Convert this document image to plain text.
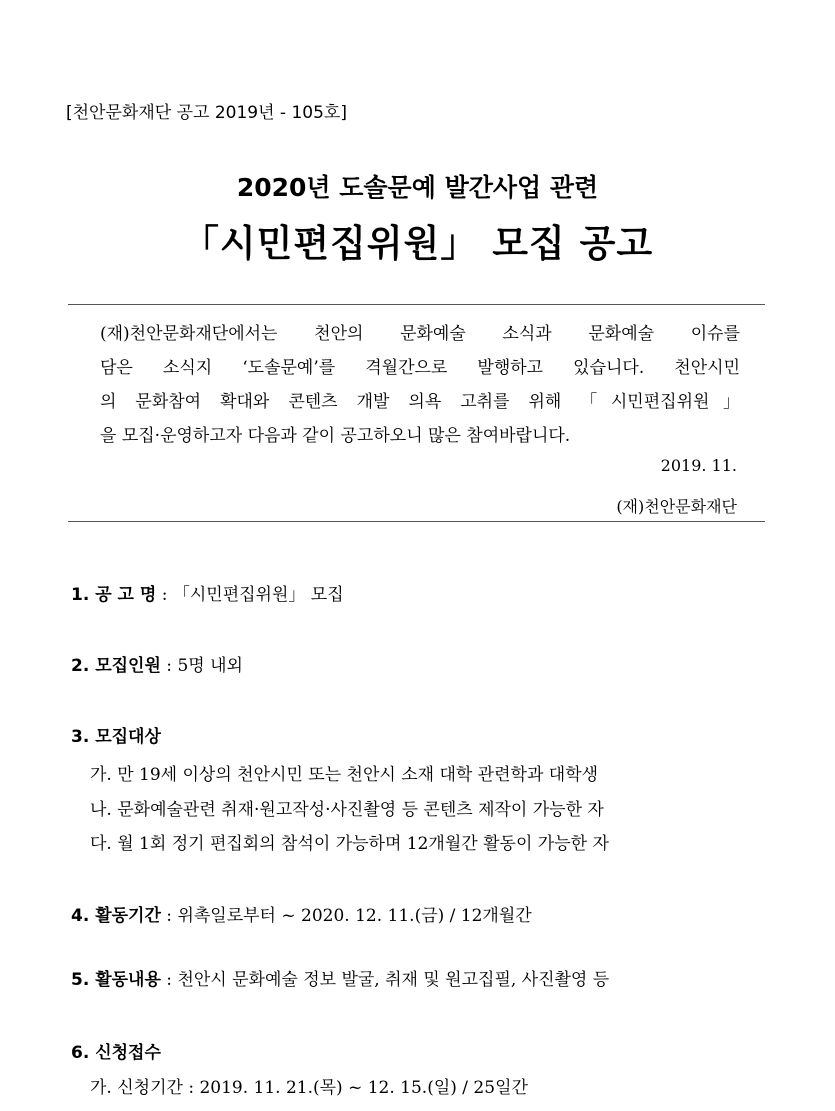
[천안문화재단 공고 2019년 - 105호]
2020년 도솔문예 발간사업 관련
「시민편집위원」 모집 공고

(재)천안문화재단에서는 천안의 문화예술 소식과 문화예술 이슈를

담은 소식지 ‘도솔문예’를 격월간으로 발행하고 있습니다. 천안시민

의 문화참여 확대와 콘텐츠 개발 의욕 고취를 위해 「시민편집위원」

을 모집·운영하고자 다음과 같이 공고하오니 많은 참여바랍니다.

2019. 11.
(재)천안문화재단
1. 공 고 명 : 「시민편집위원」 모집
2. 모집인원 : 5명 내외
3. 모집대상
가. 만 19세 이상의 천안시민 또는 천안시 소재 대학 관련학과 대학생
나. 문화예술관련 취재·원고작성·사진촬영 등 콘텐츠 제작이 가능한 자
다. 월 1회 정기 편집회의 참석이 가능하며 12개월간 활동이 가능한 자
4. 활동기간 : 위촉일로부터 ~ 2020. 12. 11.(금) / 12개월간
5. 활동내용 : 천안시 문화예술 정보 발굴, 취재 및 원고집필, 사진촬영 등
6. 신청접수
가. 신청기간 : 2019. 11. 21.(목) ~ 12. 15.(일) / 25일간
